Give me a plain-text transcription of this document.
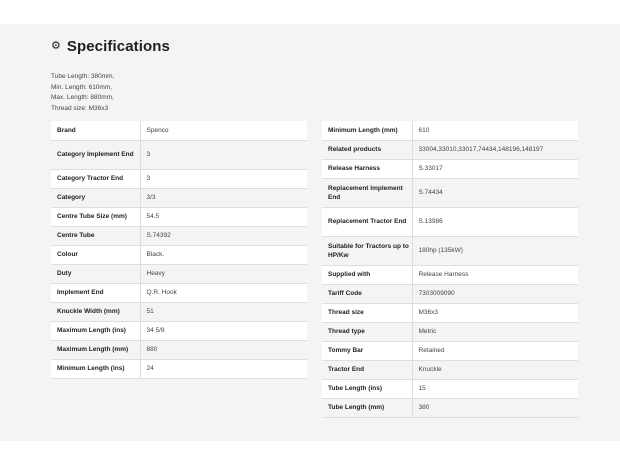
⚙ Specifications
Tube Length: 380mm,
Min. Length: 610mm,
Max. Length: 880mm,
Thread size: M36x3
Brand	Spenco
Category Implement End	3
Category Tractor End	3
Category	3/3
Centre Tube Size (mm)	54.5
Centre Tube	S.74392
Colour	Black.
Duty	Heavy
Implement End	Q.R. Hook
Knuckle Width (mm)	51
Maximum Length (ins)	34 5/8
Maximum Length (mm)	880
Minimum Length (ins)	24
Minimum Length (mm)	610
Related products	33004,33010,33017,74434,148196,148197
Release Harness	S.33017
Replacement Implement End	S.74434
Replacement Tractor End	S.13986
Suitable for Tractors up to HP/Kw	180hp (135kW)
Supplied with	Release Harness
Tariff Code	7303009090
Thread size	M36x3
Thread type	Metric
Tommy Bar	Retained
Tractor End	Knuckle
Tube Length (ins)	15
Tube Length (mm)	380
